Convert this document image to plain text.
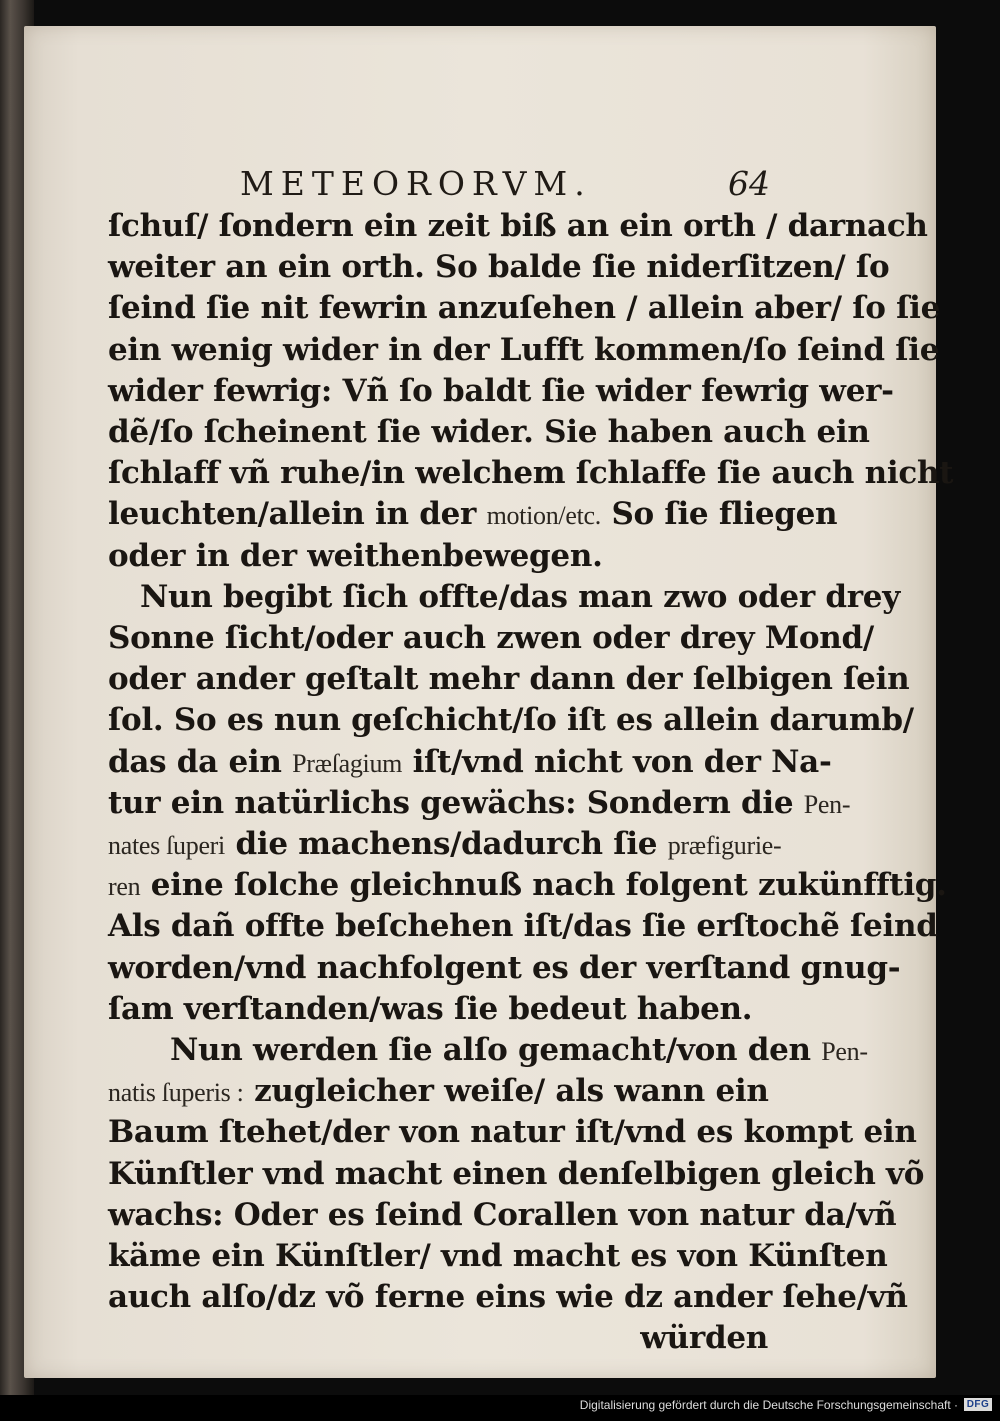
METEORORVM.	64
ſchuſ/ ſondern ein zeit biß an ein orth / darnach
weiter an ein orth. So balde ſie niderſitzen/ ſo
ſeind ſie nit fewrin anzuſehen / allein aber/ ſo ſie
ein wenig wider in der Lufft kommen/ſo ſeind ſie
wider fewrig: Vñ ſo baldt ſie wider fewrig wer-
dẽ/ſo ſcheinent ſie wider. Sie haben auch ein
ſchlaff vñ ruhe/in welchem ſchlaffe ſie auch nicht
leuchten/allein in der motion/etc. So ſie fliegen
oder in der weithenbewegen.
Nun begibt ſich offte/das man zwo oder drey
Sonne ſicht/oder auch zwen oder drey Mond/
oder ander geſtalt mehr dann der ſelbigen ſein
ſol. So es nun geſchicht/ſo iſt es allein darumb/
das da ein Præſagium iſt/vnd nicht von der Na-
tur ein natürlichs gewächs: Sondern die Pen-
nates ſuperi die machens/dadurch ſie præfigurie-
ren eine ſolche gleichnuß nach folgent zukünfftig.
Als dañ offte beſchehen iſt/das ſie erſtochẽ ſeind
worden/vnd nachfolgent es der verſtand gnug-
ſam verſtanden/was ſie bedeut haben.
Nun werden ſie alſo gemacht/von den Pen-
natis ſuperis : zugleicher weiſe/ als wann ein
Baum ſtehet/der von natur iſt/vnd es kompt ein
Künſtler vnd macht einen denſelbigen gleich võ
wachs: Oder es ſeind Corallen von natur da/vñ
käme ein Künſtler/ vnd macht es von Künſten
auch alſo/dz võ ferne eins wie dz ander ſehe/vñ
würden
Digitalisierung gefördert durch die Deutsche Forschungsgemeinschaft · DFG
